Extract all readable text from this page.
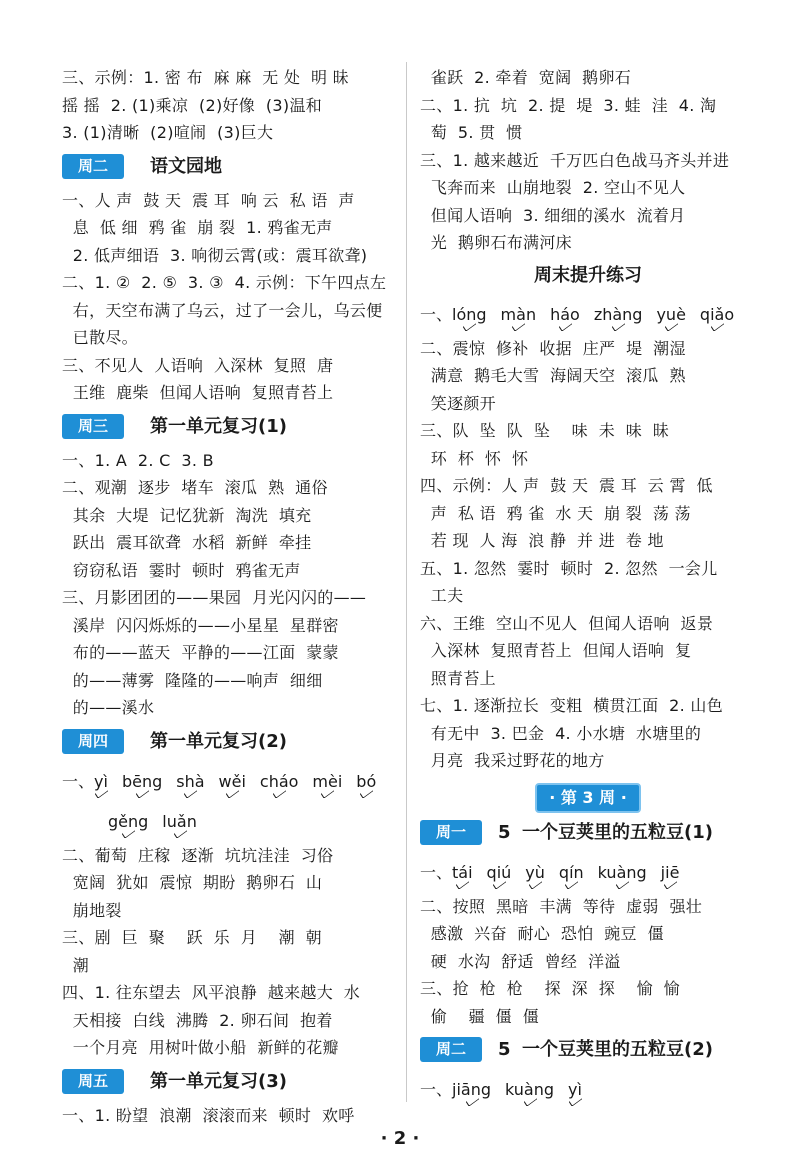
三、示例：1. 密 布  麻 麻  无 处  明 昧
摇 摇  2. (1)乘凉  (2)好像  (3)温和
3. (1)清晰  (2)喧闹  (3)巨大
周二	语文园地
一、人 声  鼓 天  震 耳  响 云  私 语  声
息  低 细  鸦 雀  崩 裂  1. 鸦雀无声
2. 低声细语  3. 响彻云霄(或：震耳欲聋)
二、1. ②  2. ⑤  3. ③  4. 示例：下午四点左
右，天空布满了乌云，过了一会儿，乌云便
已散尽。
三、不见人  人语响  入深林  复照  唐
王维  鹿柴  但闻人语响  复照青苔上
周三	第一单元复习(1)
一、1. A  2. C  3. B
二、观潮  逐步  堵车  滚瓜  熟  通俗
其余  大堤  记忆犹新  淘洗  填充
跃出  震耳欲聋  水稻  新鲜  牵挂
窃窃私语  霎时  顿时  鸦雀无声
三、月影团团的——果园  月光闪闪的——
溪岸  闪闪烁烁的——小星星  星群密
布的——蓝天  平静的——江面  蒙蒙
的——薄雾  隆隆的——响声  细细
的——溪水
周四	第一单元复习(2)
一、yì bēng shà wěi cháo mèi bó
gěng luǎn
二、葡萄  庄稼  逐渐  坑坑洼洼  习俗
宽阔  犹如  震惊  期盼  鹅卵石  山
崩地裂
三、剧  巨  聚    跃  乐  月    潮  朝
潮
四、1. 往东望去  风平浪静  越来越大  水
天相接  白线  沸腾  2. 卵石间  抱着
一个月亮  用树叶做小船  新鲜的花瓣
周五	第一单元复习(3)
一、1. 盼望  浪潮  滚滚而来  顿时  欢呼
雀跃  2. 牵着  宽阔  鹅卵石
二、1. 抗  坑  2. 提  堤  3. 蛙  洼  4. 淘
萄  5. 贯  惯
三、1. 越来越近  千万匹白色战马齐头并进
飞奔而来  山崩地裂  2. 空山不见人
但闻人语响  3. 细细的溪水  流着月
光  鹅卵石布满河床
周末提升练习
一、lóng màn háo zhàng yuè qiǎo
二、震惊  修补  收据  庄严  堤  潮湿
满意  鹅毛大雪  海阔天空  滚瓜  熟
笑逐颜开
三、队  坠  队  坠    味  未  味  昧
环  杯  怀  怀
四、示例：人 声  鼓 天  震 耳  云 霄  低
声  私 语  鸦 雀  水 天  崩 裂  荡 荡
若 现  人 海  浪 静  并 进  卷 地
五、1. 忽然  霎时  顿时  2. 忽然  一会儿
工夫
六、王维  空山不见人  但闻人语响  返景
入深林  复照青苔上  但闻人语响  复
照青苔上
七、1. 逐渐拉长  变粗  横贯江面  2. 山色
有无中  3. 巴金  4. 小水塘  水塘里的
月亮  我采过野花的地方
· 第 3 周 ·
周一	5 一个豆荚里的五粒豆(1)
一、tái qiú yù qín kuàng jiē
二、按照  黑暗  丰满  等待  虚弱  强壮
感激  兴奋  耐心  恐怕  豌豆  僵
硬  水沟  舒适  曾经  洋溢
三、抢  枪  枪    探  深  探    愉  愉
偷    疆  僵  僵
周二	5 一个豆荚里的五粒豆(2)
一、jiāng kuàng yì
· 2 ·
